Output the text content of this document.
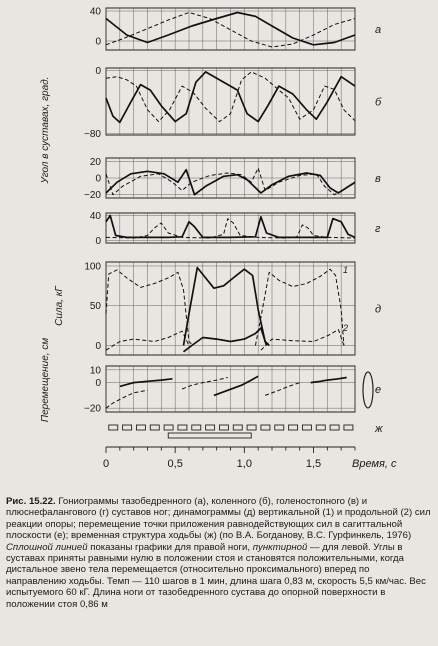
40
0
а
0
−80
б
20
0
−20
в
40
0
г
100
50
0
д
1
2
10
0
−20
е
Угол в суставах, град.
Сила, кГ
Перемещение, см
ж
0	0,5	1,0	1,5	Время, с

Рис. 15.22. Гониограммы тазобедренного (а), коленного (б), голеностопного (в) и плюснефалангового (г) суставов ног; динамограммы (д) вертикальной (1) и продольной (2) сил реакции опоры; перемещение точки приложения равнодействующих сил в сагиттальной плоскости (е); временная структура ходьбы (ж) (по В.А. Богданову, В.С. Гурфинкель, 1976)

Сплошной линией показаны графики для правой ноги, пунктирной — для левой. Углы в суставах приняты равными нулю в положении стоя и становятся положительными, когда дистальное звено тела перемещается (относительно проксимального) вперед по направлению ходьбы. Темп — 110 шагов в 1 мин, длина шага 0,83 м, скорость 5,5 км/час. Вес испытуемого 60 кГ. Длина ноги от тазобедренного сустава до опорной поверхности в положении стоя 0,86 м
